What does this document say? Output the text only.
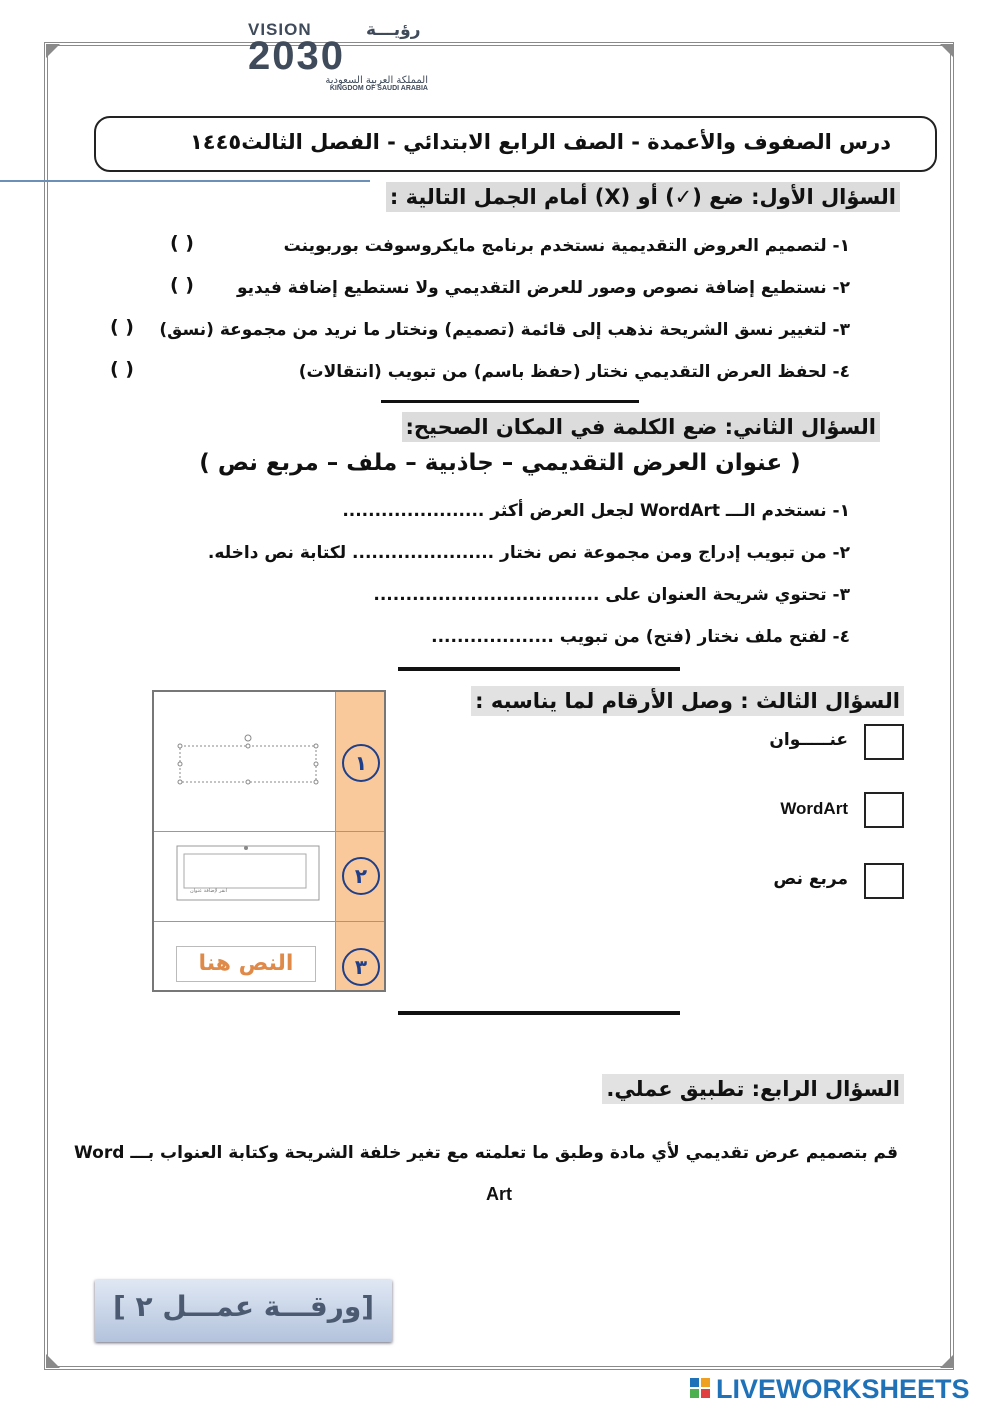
VISION	رؤيـــة
2030
المملكة العربية السعودية
KINGDOM OF SAUDI ARABIA
درس الصفوف والأعمدة - الصف الرابع الابتدائي - الفصل الثالث١٤٤٥
السؤال الأول: ضع (✓) أو (X) أمام الجمل التالية :
١- لتصميم العروض التقديمية نستخدم برنامج مايكروسوفت بوربوينت
( )
٢- نستطيع إضافة نصوص وصور للعرض التقديمي ولا نستطيع إضافة فيديو
( )
٣- لتغيير نسق الشريحة نذهب إلى قائمة (تصميم) ونختار ما نريد من مجموعة (نسق)
( )
٤- لحفظ العرض التقديمي نختار (حفظ باسم) من تبويب (انتقالات)
( )
السؤال الثاني: ضع الكلمة في المكان الصحيح:
( عنوان العرض التقديمي – جاذبية – ملف – مربع نص )
١- نستخدم الـــ WordArt لجعل العرض أكثر ......................
٢- من تبويب إدراج ومن مجموعة نص نختار ...................... لكتابة نص داخله.
٣- تحتوي شريحة العنوان على ...................................
٤- لفتح ملف نختار (فتح) من تبويب ...................
السؤال الثالث : وصل الأرقام لما يناسبه :
١
انقر لإضافة عنوان
٢
النص هنا	٣
عنـــــوان
WordArt
مربع نص
السؤال الرابع: تطبيق عملي.
قم بتصميم عرض تقديمي لأي مادة وطبق ما تعلمته مع تغير خلفة الشريحة وكتابة العنواب بـــ Word
Art
[ورقـــة عمـــل ٢ ]
LIVEWORKSHEETS
